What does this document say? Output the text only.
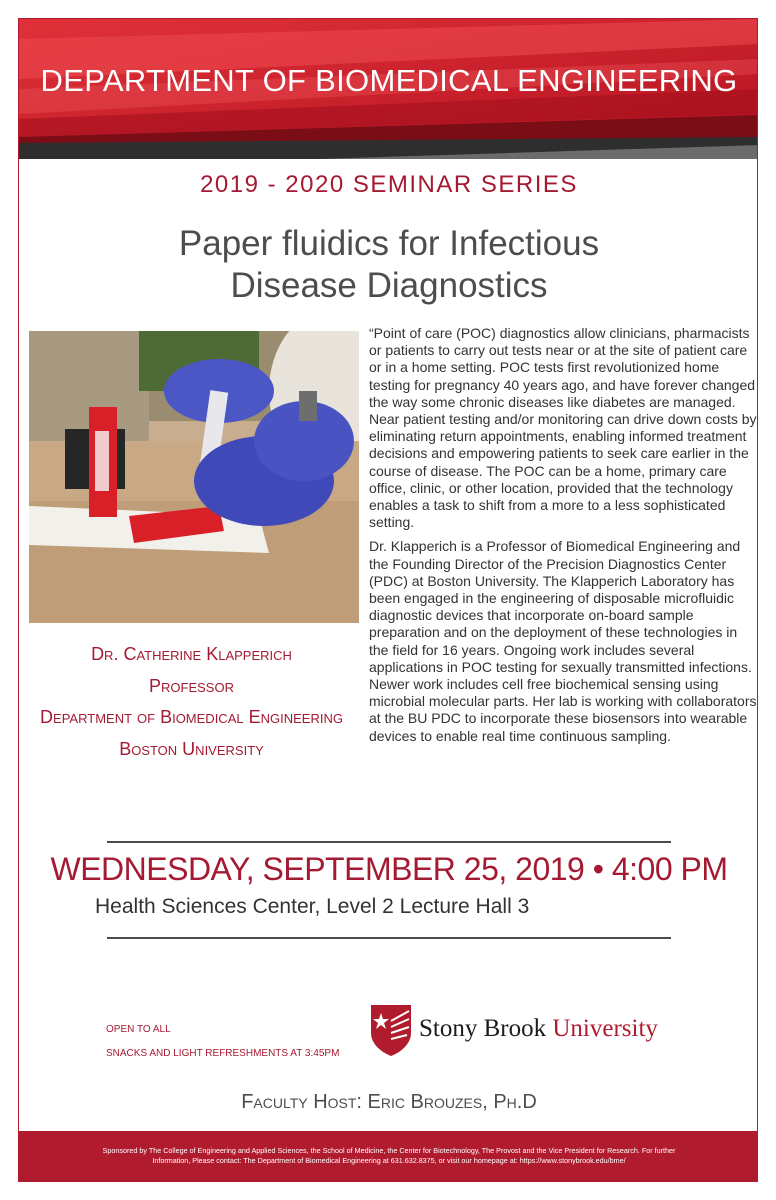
DEPARTMENT OF BIOMEDICAL ENGINEERING
2019 - 2020 SEMINAR SERIES
Paper fluidics for Infectious
Disease Diagnostics
Dr. Catherine Klapperich
Professor
Department of Biomedical Engineering
Boston University

“Point of care (POC) diagnostics allow clinicians, pharmacists or patients to carry out tests near or at the site of patient care or in a home setting. POC tests first revolutionized home testing for pregnancy 40 years ago, and have forever changed the way some chronic diseases like diabetes are managed. Near patient testing and/or monitoring can drive down costs by eliminating return appointments, enabling informed treatment decisions and empowering patients to seek care earlier in the course of disease. The POC can be a home, primary care office, clinic, or other location, provided that the technology enables a task to shift from a more to a less sophisticated setting.

Dr. Klapperich is a Professor of Biomedical Engineering and the Founding Director of the Precision Diagnostics Center (PDC) at Boston University. The Klapperich Laboratory has been engaged in the engineering of disposable microfluidic diagnostic devices that incorporate on-board sample preparation and on the deployment of these technologies in the field for 16 years. Ongoing work includes several applications in POC testing for sexually transmitted infections. Newer work includes cell free biochemical sensing using microbial molecular parts. Her lab is working with collaborators at the BU PDC to incorporate these biosensors into wearable devices to enable real time continuous sampling.

WEDNESDAY, SEPTEMBER 25, 2019 • 4:00 PM
Health Sciences Center, Level 2 Lecture Hall 3
OPEN TO ALL
SNACKS AND LIGHT REFRESHMENTS AT 3:45PM
Stony Brook University
Faculty Host: Eric Brouzes, Ph.D
Sponsored by The College of Engineering and Applied Sciences, the School of Medicine, the Center for Biotechnology, The Provost and the Vice President for Research. For further Information, Please contact: The Department of Biomedical Engineering at 631.632.8375, or visit our homepage at: https://www.stonybrook.edu/bme/
